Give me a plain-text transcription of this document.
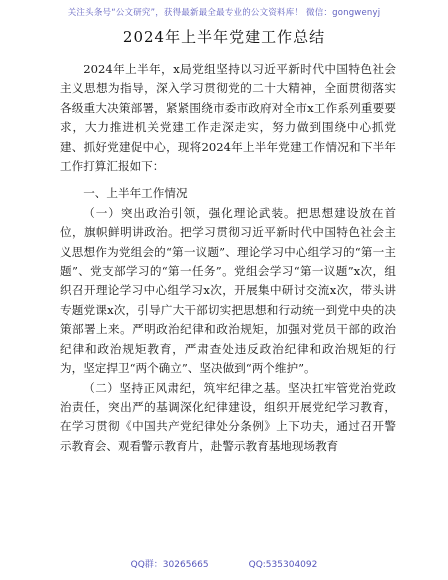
关注头条号“公文研究”，获得最新最全最专业的公文资料库！ 微信：gongwenyj
2024年上半年党建工作总结

2024年上半年，x局党组坚持以习近平新时代中国特色社会主义思想为指导，深入学习贯彻党的二十大精神，全面贯彻落实各级重大决策部署，紧紧围绕市委市政府对全市x工作系列重要要求，大力推进机关党建工作走深走实，努力做到围绕中心抓党建、抓好党建促中心，现将2024年上半年党建工作情况和下半年工作打算汇报如下：

一、上半年工作情况

（一）突出政治引领，强化理论武装。把思想建设放在首位，旗帜鲜明讲政治。把学习贯彻习近平新时代中国特色社会主义思想作为党组会的“第一议题”、理论学习中心组学习的“第一主题”、党支部学习的“第一任务”。党组会学习“第一议题”x次，组织召开理论学习中心组学习x次，开展集中研讨交流x次，带头讲专题党课x次，引导广大干部切实把思想和行动统一到党中央的决策部署上来。严明政治纪律和政治规矩，加强对党员干部的政治纪律和政治规矩教育，严肃查处违反政治纪律和政治规矩的行为，坚定捍卫“两个确立”、坚决做到“两个维护”。

（二）坚持正风肃纪，筑牢纪律之基。坚决扛牢管党治党政治责任，突出严的基调深化纪律建设，组织开展党纪学习教育，在学习贯彻《中国共产党纪律处分条例》上下功夫，通过召开警示教育会、观看警示教育片，赴警示教育基地现场教育

QQ群：30265665	QQ:535304092
